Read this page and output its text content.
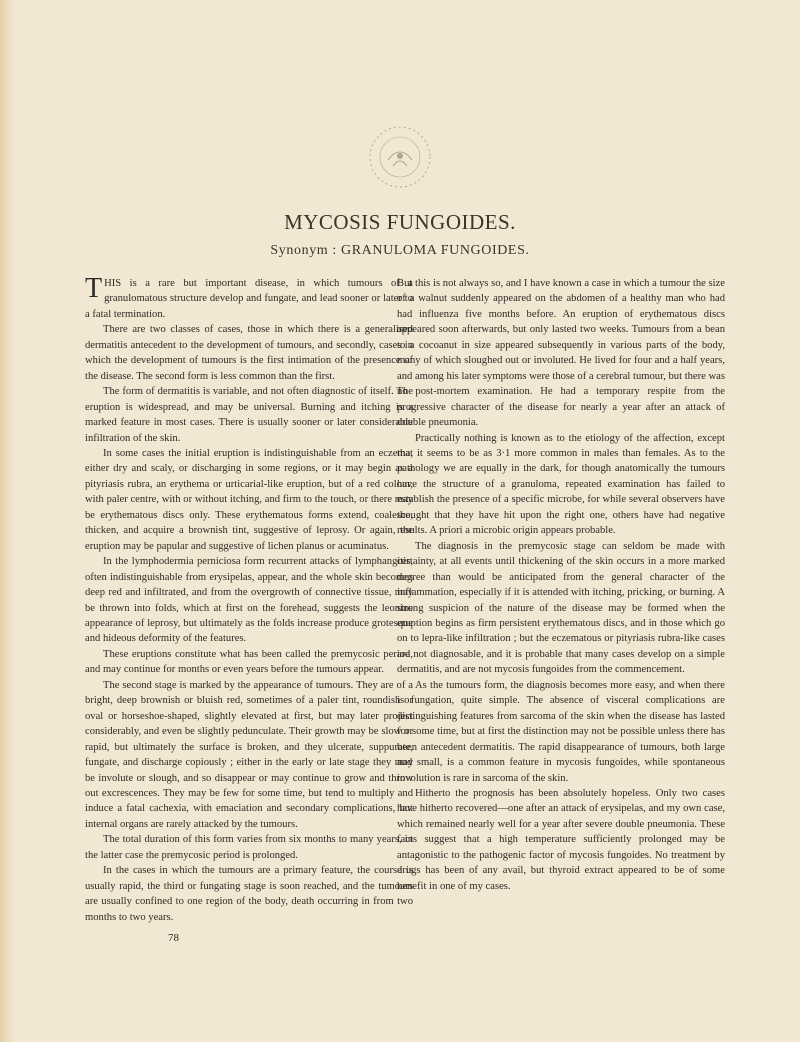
MYCOSIS FUNGOIDES.
Synonym : GRANULOMA FUNGOIDES.

THIS is a rare but important disease, in which tumours of a granulomatous structure develop and fungate, and lead sooner or later to a fatal termination.

There are two classes of cases, those in which there is a generalised dermatitis antecedent to the development of tumours, and secondly, cases in which the development of tumours is the first intimation of the presence of the disease. The second form is less common than the first.

The form of dermatitis is variable, and not often diagnostic of itself. The eruption is widespread, and may be universal. Burning and itching is a marked feature in most cases. There is usually sooner or later considerable infiltration of the skin.

In some cases the initial eruption is indistinguishable from an eczema, either dry and scaly, or discharging in some regions, or it may begin as a pityriasis rubra, an erythema or urticarial-like eruption, but of a red colour, with paler centre, with or without itching, and firm to the touch, or there may be erythematous discs only. These erythematous forms extend, coalesce, thicken, and acquire a brownish tint, suggestive of leprosy. Or again, the eruption may be papular and suggestive of lichen planus or acuminatus.

In the lymphodermia perniciosa form recurrent attacks of lymphangitis, often indistinguishable from erysipelas, appear, and the whole skin becomes deep red and infiltrated, and from the overgrowth of connective tissue, may be thrown into folds, which at first on the forehead, suggests the leonine appearance of leprosy, but ultimately as the folds increase produce grotesque and hideous deformity of the features.

These eruptions constitute what has been called the premycosic period, and may continue for months or even years before the tumours appear.

The second stage is marked by the appearance of tumours. They are of a bright, deep brownish or bluish red, sometimes of a paler tint, roundish or oval or horseshoe-shaped, slightly elevated at first, but may later project considerably, and even be slightly pedunculate. Their growth may be slow or rapid, but ultimately the surface is broken, and they ulcerate, suppurate, fungate, and discharge copiously ; either in the early or late stage they may be involute or slough, and so disappear or may continue to grow and throw out excrescences. They may be few for some time, but tend to multiply and induce a fatal cachexia, with emaciation and secondary complications, but internal organs are rarely attacked by the tumours.

The total duration of this form varies from six months to many years, in the latter case the premycosic period is prolonged.

In the cases in which the tumours are a primary feature, the course is usually rapid, the third or fungating stage is soon reached, and the tumours are usually confined to one region of the body, death occurring in from two months to two years.

But this is not always so, and I have known a case in which a tumour the size of a walnut suddenly appeared on the abdomen of a healthy man who had had influenza five months before. An eruption of erythematous discs appeared soon afterwards, but only lasted two weeks. Tumours from a bean to a cocoanut in size appeared subsequently in various parts of the body, many of which sloughed out or involuted. He lived for four and a half years, and among his later symptoms were those of a cerebral tumour, but there was no post-mortem examination. He had a temporary respite from the progressive character of the disease for nearly a year after an attack of double pneumonia.

Practically nothing is known as to the etiology of the affection, except that it seems to be as 3·1 more common in males than females. As to the pathology we are equally in the dark, for though anatomically the tumours have the structure of a granuloma, repeated examination has failed to establish the presence of a specific microbe, for while several observers have thought that they have hit upon the right one, others have had negative results. A priori a microbic origin appears probable.

The diagnosis in the premycosic stage can seldom be made with certainty, at all events until thickening of the skin occurs in a more marked degree than would be anticipated from the general character of the inflammation, especially if it is attended with itching, pricking, or burning. A strong suspicion of the nature of the disease may be formed when the eruption begins as firm persistent erythematous discs, and in those which go on to lepra-like infiltration ; but the eczematous or pityriasis rubra-like cases are not diagnosable, and it is probable that many cases develop on a simple dermatitis, and are not mycosis fungoides from the commencement.

As the tumours form, the diagnosis becomes more easy, and when there is fungation, quite simple. The absence of visceral complications are distinguishing features from sarcoma of the skin when the disease has lasted for some time, but at first the distinction may not be possible unless there has been antecedent dermatitis. The rapid disappearance of tumours, both large and small, is a common feature in mycosis fungoides, while spontaneous involution is rare in sarcoma of the skin.

Hitherto the prognosis has been absolutely hopeless. Only two cases have hitherto recovered—one after an attack of erysipelas, and my own case, which remained nearly well for a year after severe double pneumonia. These facts suggest that a high temperature sufficiently prolonged may be antagonistic to the pathogenic factor of mycosis fungoides. No treatment by drugs has been of any avail, but thyroid extract appeared to be of some benefit in one of my cases.

78
